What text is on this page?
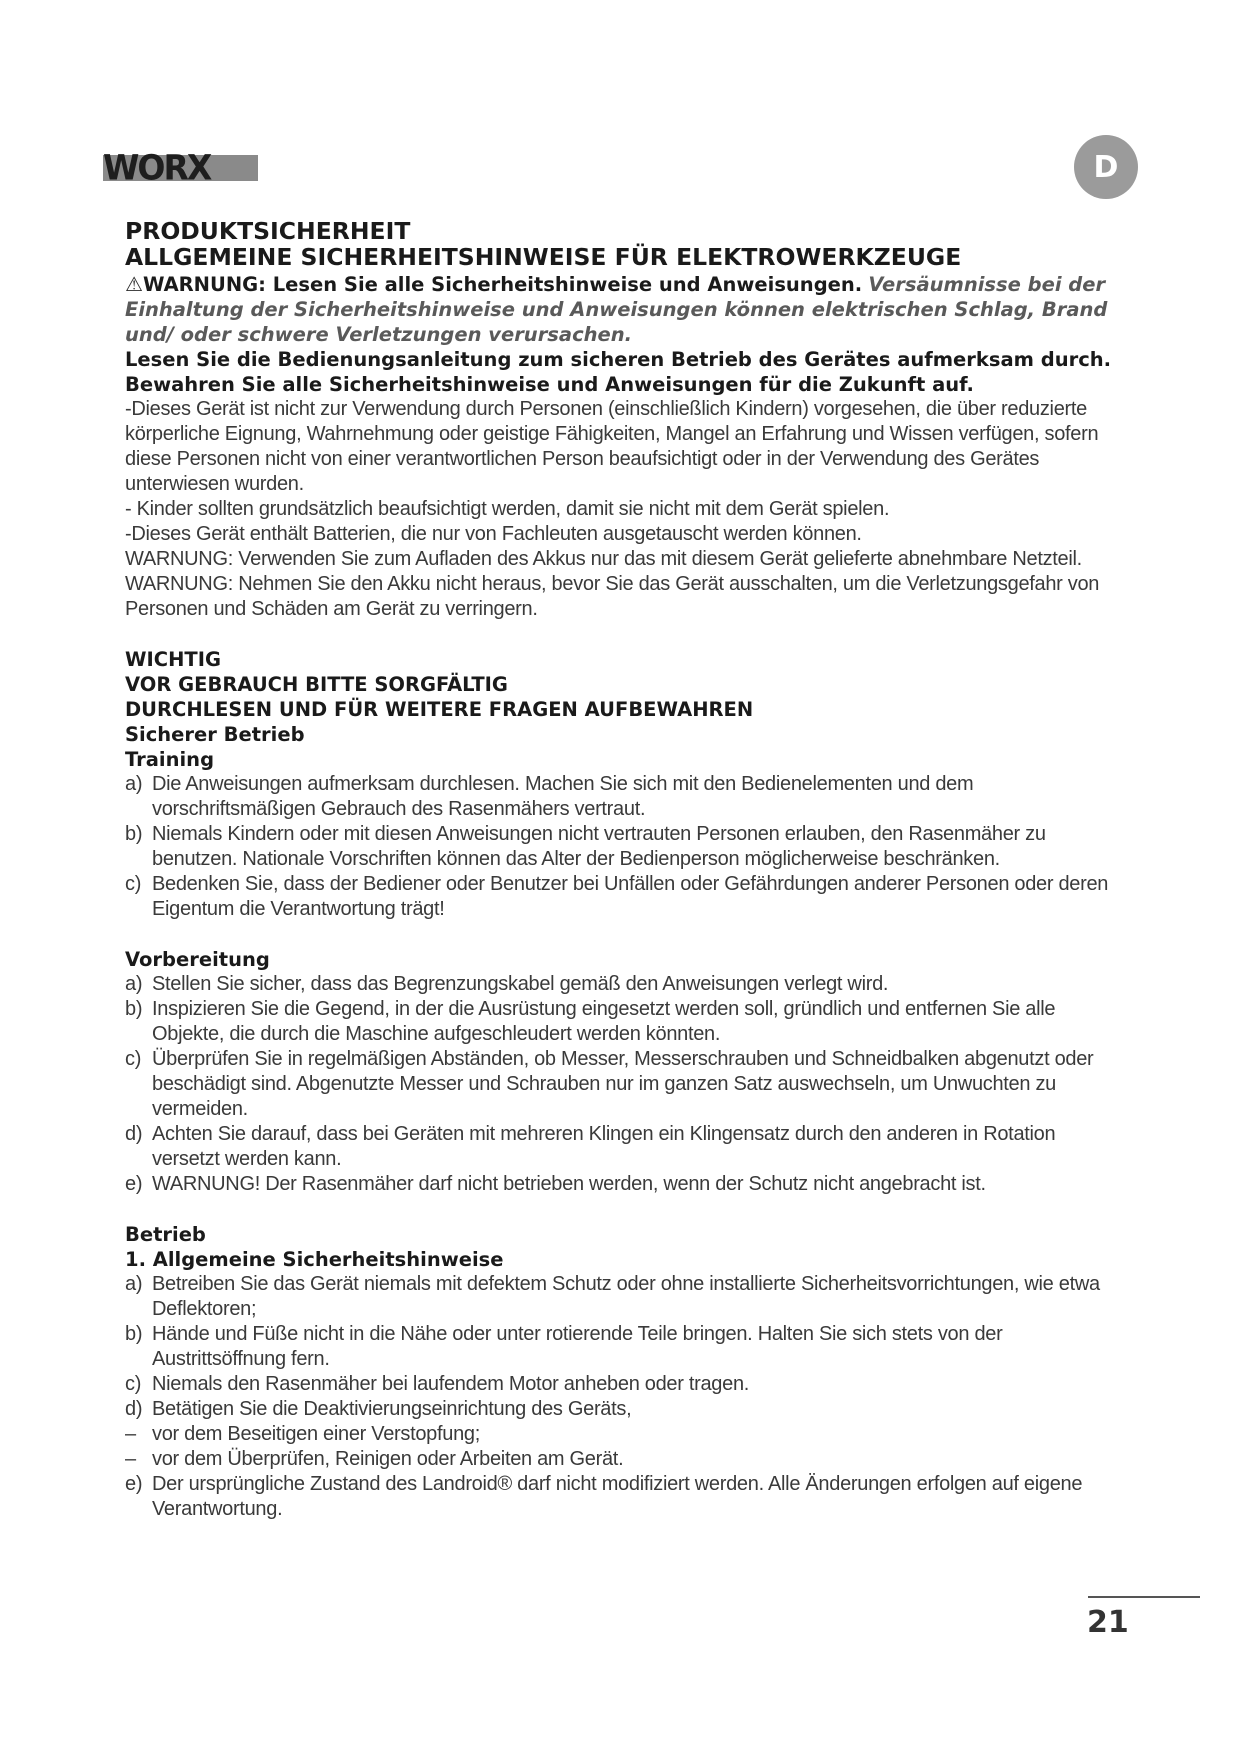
WORX	D

PRODUKTSICHERHEIT

ALLGEMEINE SICHERHEITSHINWEISE FÜR ELEKTROWERKZEUGE

⚠WARNUNG: Lesen Sie alle Sicherheitshinweise und Anweisungen. Versäumnisse bei der Einhaltung der Sicherheitshinweise und Anweisungen können elektrischen Schlag, Brand und/ oder schwere Verletzungen verursachen.

Lesen Sie die Bedienungsanleitung zum sicheren Betrieb des Gerätes aufmerksam durch.

Bewahren Sie alle Sicherheitshinweise und Anweisungen für die Zukunft auf.

-Dieses Gerät ist nicht zur Verwendung durch Personen (einschließlich Kindern) vorgesehen, die über reduzierte körperliche Eignung, Wahrnehmung oder geistige Fähigkeiten, Mangel an Erfahrung und Wissen verfügen, sofern diese Personen nicht von einer verantwortlichen Person beaufsichtigt oder in der Verwendung des Gerätes unterwiesen wurden.

- Kinder sollten grundsätzlich beaufsichtigt werden, damit sie nicht mit dem Gerät spielen.

-Dieses Gerät enthält Batterien, die nur von Fachleuten ausgetauscht werden können.

WARNUNG: Verwenden Sie zum Aufladen des Akkus nur das mit diesem Gerät gelieferte abnehmbare Netzteil.

WARNUNG: Nehmen Sie den Akku nicht heraus, bevor Sie das Gerät ausschalten, um die Verletzungsgefahr von Personen und Schäden am Gerät zu verringern.

WICHTIG

VOR GEBRAUCH BITTE SORGFÄLTIG

DURCHLESEN UND FÜR WEITERE FRAGEN AUFBEWAHREN

Sicherer Betrieb

Training

a) Die Anweisungen aufmerksam durchlesen. Machen Sie sich mit den Bedienelementen und dem vorschriftsmäßigen Gebrauch des Rasenmähers vertraut.
b) Niemals Kindern oder mit diesen Anweisungen nicht vertrauten Personen erlauben, den Rasenmäher zu benutzen. Nationale Vorschriften können das Alter der Bedienperson möglicherweise beschränken.
c) Bedenken Sie, dass der Bediener oder Benutzer bei Unfällen oder Gefährdungen anderer Personen oder deren Eigentum die Verantwortung trägt!

Vorbereitung

a) Stellen Sie sicher, dass das Begrenzungskabel gemäß den Anweisungen verlegt wird.
b) Inspizieren Sie die Gegend, in der die Ausrüstung eingesetzt werden soll, gründlich und entfernen Sie alle Objekte, die durch die Maschine aufgeschleudert werden könnten.
c) Überprüfen Sie in regelmäßigen Abständen, ob Messer, Messerschrauben und Schneidbalken abgenutzt oder beschädigt sind. Abgenutzte Messer und Schrauben nur im ganzen Satz auswechseln, um Unwuchten zu vermeiden.
d) Achten Sie darauf, dass bei Geräten mit mehreren Klingen ein Klingensatz durch den anderen in Rotation versetzt werden kann.
e) WARNUNG! Der Rasenmäher darf nicht betrieben werden, wenn der Schutz nicht angebracht ist.

Betrieb

1. Allgemeine Sicherheitshinweise

a) Betreiben Sie das Gerät niemals mit defektem Schutz oder ohne installierte Sicherheitsvorrichtungen, wie etwa Deflektoren;
b) Hände und Füße nicht in die Nähe oder unter rotierende Teile bringen. Halten Sie sich stets von der Austrittsöffnung fern.
c) Niemals den Rasenmäher bei laufendem Motor anheben oder tragen.
d) Betätigen Sie die Deaktivierungseinrichtung des Geräts,
– vor dem Beseitigen einer Verstopfung;
– vor dem Überprüfen, Reinigen oder Arbeiten am Gerät.
e) Der ursprüngliche Zustand des Landroid® darf nicht modifiziert werden. Alle Änderungen erfolgen auf eigene Verantwortung.
21
